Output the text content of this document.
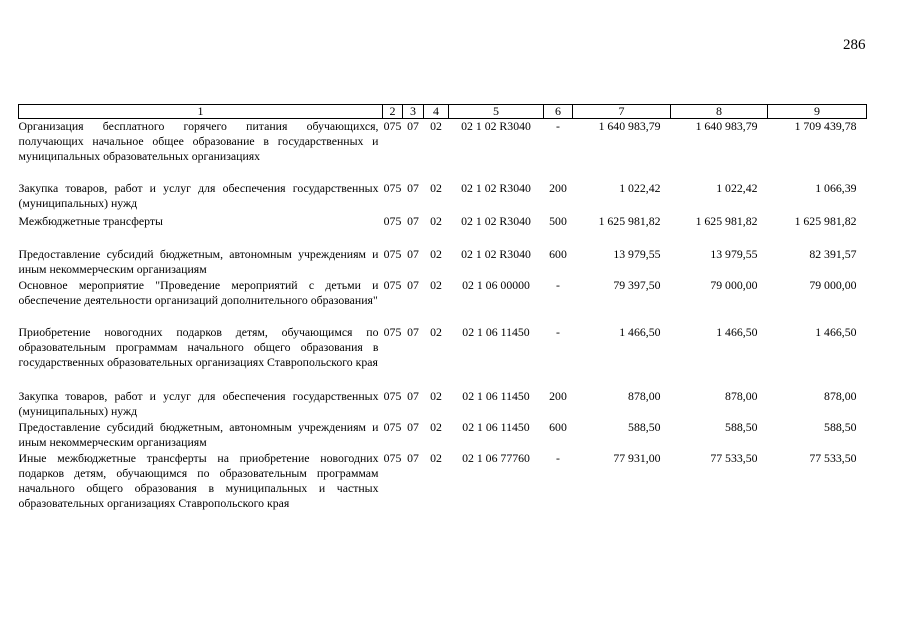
286
1	2	3	4	5	6	7	8	9
Организация бесплатного горячего питания обучающихся, получающих начальное общее образование в государственных и муниципальных образовательных организациях	075	07	02	02 1 02 R3040	-	1 640 983,79	1 640 983,79	1 709 439,78
Закупка товаров, работ и услуг для обеспечения государственных (муниципальных) нужд	075	07	02	02 1 02 R3040	200	1 022,42	1 022,42	1 066,39
Межбюджетные трансферты	075	07	02	02 1 02 R3040	500	1 625 981,82	1 625 981,82	1 625 981,82
Предоставление субсидий бюджетным, автономным учреждениям и иным некоммерческим организациям	075	07	02	02 1 02 R3040	600	13 979,55	13 979,55	82 391,57
Основное мероприятие "Проведение мероприятий с детьми и обеспечение деятельности организаций дополнительного образования"	075	07	02	02 1 06 00000	-	79 397,50	79 000,00	79 000,00
Приобретение новогодних подарков детям, обучающимся по образовательным программам начального общего образования в государственных образовательных организациях Ставропольского края	075	07	02	02 1 06 11450	-	1 466,50	1 466,50	1 466,50
Закупка товаров, работ и услуг для обеспечения государственных (муниципальных) нужд	075	07	02	02 1 06 11450	200	878,00	878,00	878,00
Предоставление субсидий бюджетным, автономным учреждениям и иным некоммерческим организациям	075	07	02	02 1 06 11450	600	588,50	588,50	588,50
Иные межбюджетные трансферты на приобретение новогодних подарков детям, обучающимся по образовательным программам начального общего образования в муниципальных и частных образовательных организациях Ставропольского края	075	07	02	02 1 06 77760	-	77 931,00	77 533,50	77 533,50
